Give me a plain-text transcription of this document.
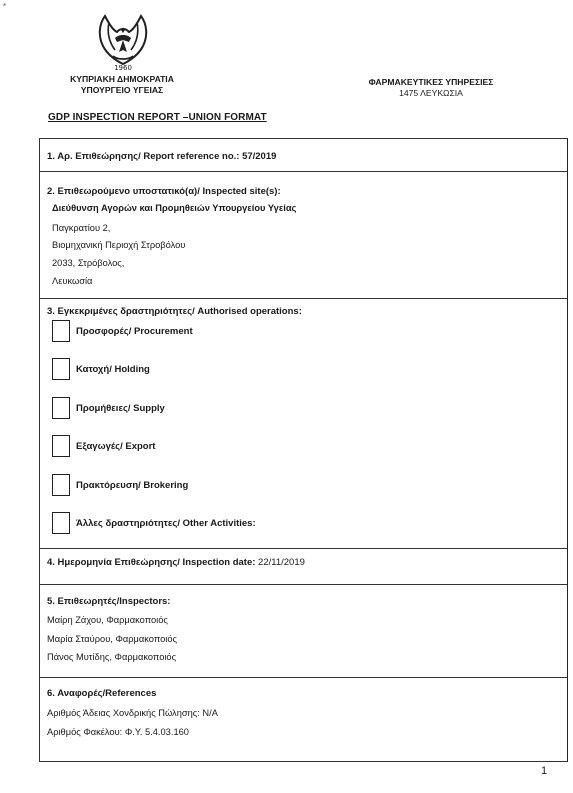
*
1960
ΚΥΠΡΙΑΚΗ ΔΗΜΟΚΡΑΤΙΑ
ΥΠΟΥΡΓΕΙΟ ΥΓΕΙΑΣ
ΦΑΡΜΑΚΕΥΤΙΚΕΣ ΥΠΗΡΕΣΙΕΣ
1475 ΛΕΥΚΩΣΙΑ
GDP INSPECTION REPORT –UNION FORMAT
1. Αρ. Επιθεώρησης/ Report reference no.: 57/2019
2. Επιθεωρούμενο υποστατικό(α)/ Inspected site(s):
Διεύθυνση Αγορών και Προμηθειών Υπουργείου Υγείας
Παγκρατίου 2,
Βιομηχανική Περιοχή Στροβόλου
2033, Στρόβολος,
Λευκωσία
3. Εγκεκριμένες δραστηριότητες/ Authorised operations:
Προσφορές/ Procurement
Κατοχή/ Holding
Προμήθειες/ Supply
Εξαγωγές/ Export
Πρακτόρευση/ Brokering
Άλλες δραστηριότητες/ Other Activities:
4. Ημερομηνία Επιθεώρησης/ Inspection date: 22/11/2019
5. Επιθεωρητές/Inspectors:
Μαίρη Ζάχου, Φαρμακοποιός
Μαρία Σταύρου, Φαρμακοποιός
Πάνος Μυτίδης, Φαρμακοποιός
6. Αναφορές/References
Αριθμός Άδειας Χονδρικής Πώλησης: N/A
Αριθμός Φακέλου: Φ.Υ. 5.4.03.160
1
